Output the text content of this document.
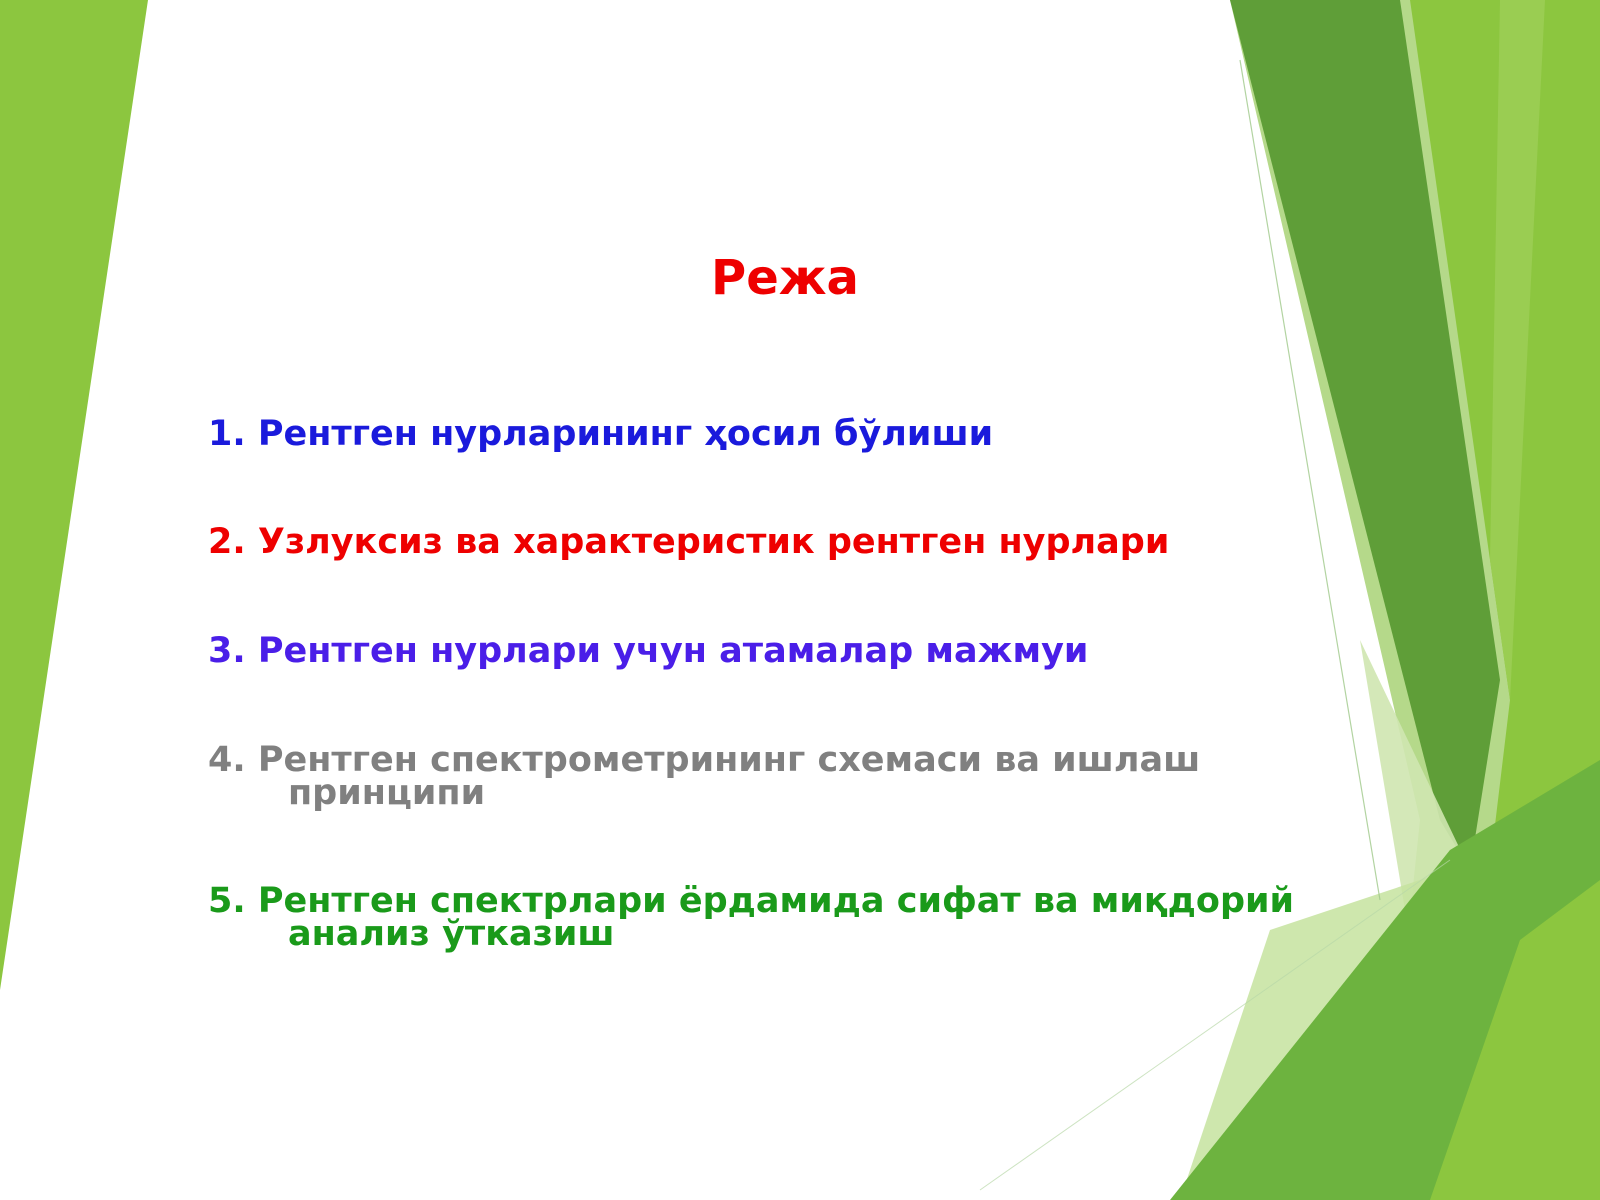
Режа
1. Рентген нурларининг ҳосил бўлиши
2. Узлуксиз ва характеристик рентген нурлари
3. Рентген нурлари учун атамалар мажмуи
4. Рентген спектрометрининг схемаси ва ишлаш
принципи
5. Рентген спектрлари ёрдамида сифат ва миқдорий
анализ ўтказиш
